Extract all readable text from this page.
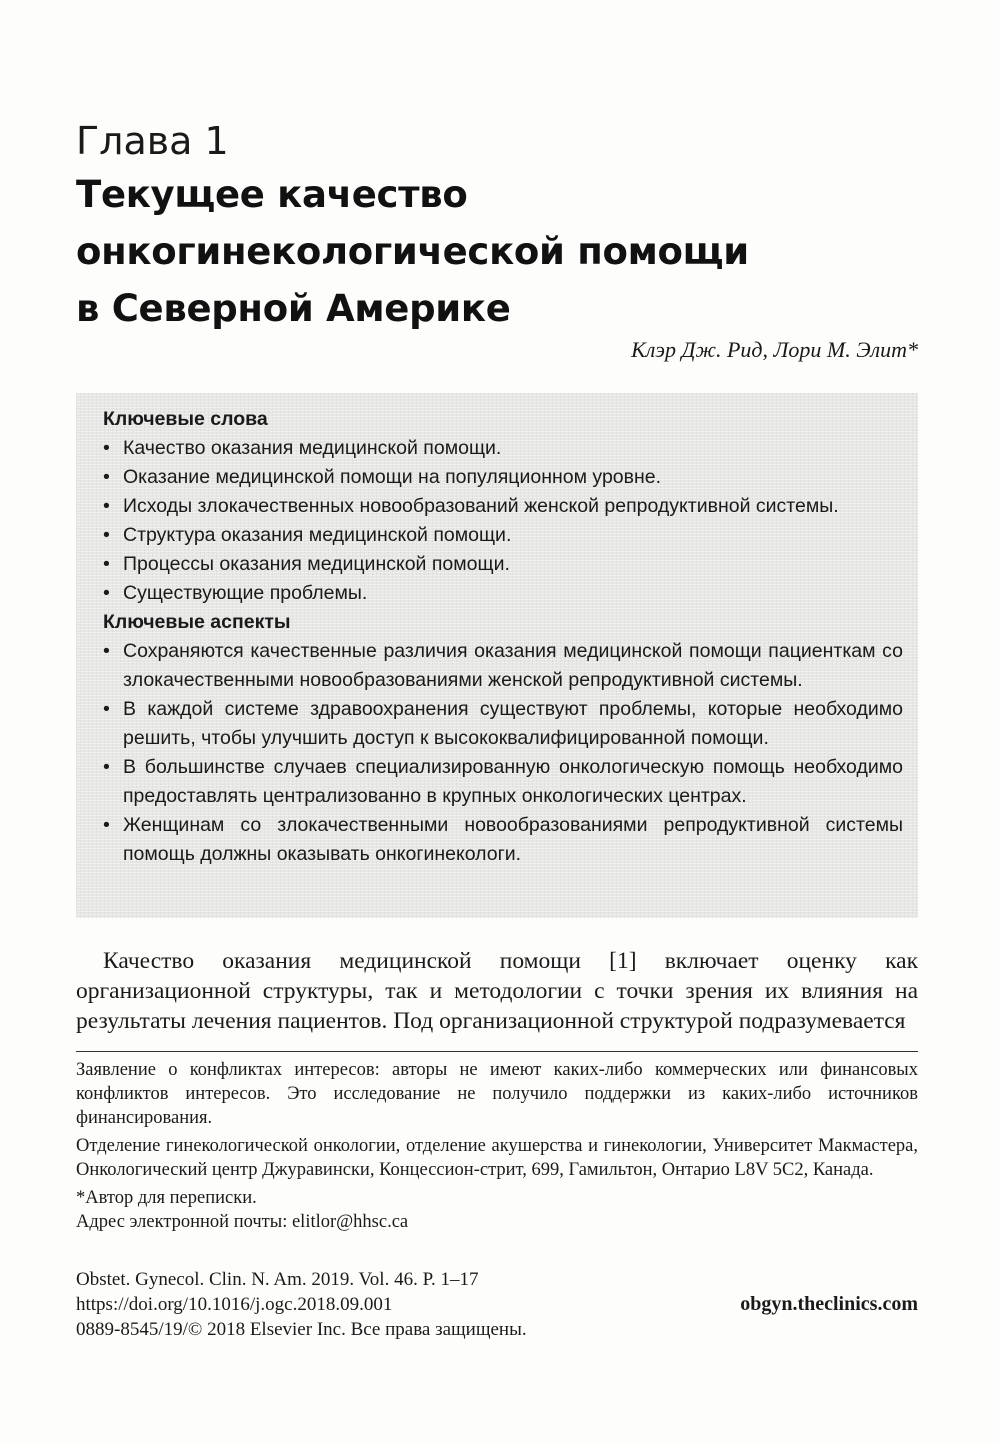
Глава 1
Текущее качество
онкогинекологической помощи
в Северной Америке
Клэр Дж. Рид, Лори М. Элит*
Ключевые слова
• Качество оказания медицинской помощи.
• Оказание медицинской помощи на популяционном уровне.
• Исходы злокачественных новообразований женской репродуктивной системы.
• Структура оказания медицинской помощи.
• Процессы оказания медицинской помощи.
• Существующие проблемы.
Ключевые аспекты
• Сохраняются качественные различия оказания медицинской помощи пациенткам со злокачественными новообразованиями женской репродуктивной системы.
• В каждой системе здравоохранения существуют проблемы, которые необходимо решить, чтобы улучшить доступ к высококвалифицированной помощи.
• В большинстве случаев специализированную онкологическую помощь необходимо предоставлять централизованно в крупных онкологических центрах.
• Женщинам со злокачественными новообразованиями репродуктивной системы помощь должны оказывать онкогинекологи.

Качество оказания медицинской помощи [1] включает оценку как организационной структуры, так и методологии с точки зрения их влияния на результаты лечения пациентов. Под организационной структурой подразумевается

Заявление о конфликтах интересов: авторы не имеют каких-либо коммерческих или финансовых конфликтов интересов. Это исследование не получило поддержки из каких-либо источников финансирования.

Отделение гинекологической онкологии, отделение акушерства и гинекологии, Университет Макмастера, Онкологический центр Джуравински, Концессион-стрит, 699, Гамильтон, Онтарио L8V 5C2, Канада.

*Автор для переписки.

Адрес электронной почты: elitlor@hhsc.ca

Obstet. Gynecol. Clin. N. Am. 2019. Vol. 46. P. 1–17
https://doi.org/10.1016/j.ogc.2018.09.001
0889-8545/19/© 2018 Elsevier Inc. Все права защищены.
obgyn.theclinics.com
